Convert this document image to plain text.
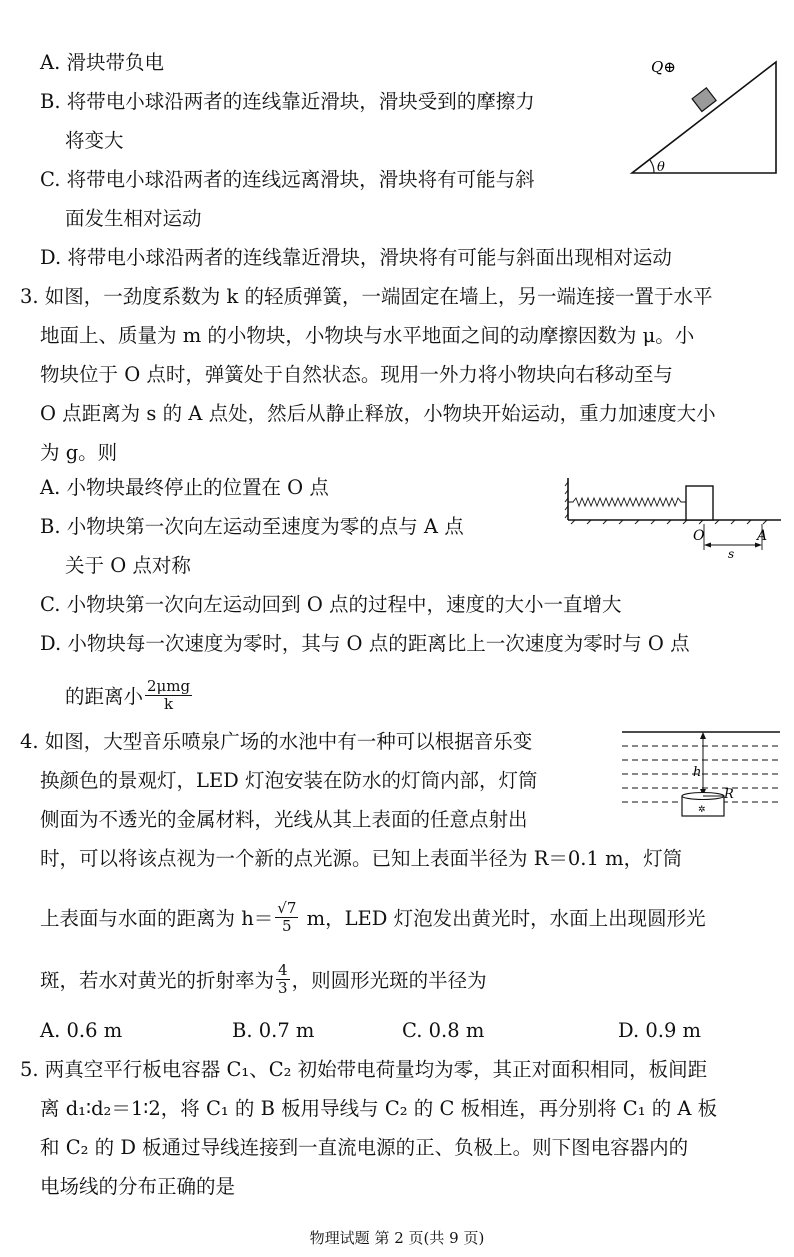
A. 滑块带负电
B. 将带电小球沿两者的连线靠近滑块，滑块受到的摩擦力
将变大
C. 将带电小球沿两者的连线远离滑块，滑块将有可能与斜
面发生相对运动
D. 将带电小球沿两者的连线靠近滑块，滑块将有可能与斜面出现相对运动
θ
Q⊕
3. 如图，一劲度系数为 k 的轻质弹簧，一端固定在墙上，另一端连接一置于水平
地面上、质量为 m 的小物块，小物块与水平地面之间的动摩擦因数为 μ。小
物块位于 O 点时，弹簧处于自然状态。现用一外力将小物块向右移动至与
O 点距离为 s 的 A 点处，然后从静止释放，小物块开始运动，重力加速度大小
为 g。则
A. 小物块最终停止的位置在 O 点
B. 小物块第一次向左运动至速度为零的点与 A 点
关于 O 点对称
C. 小物块第一次向左运动回到 O 点的过程中，速度的大小一直增大
D. 小物块每一次速度为零时，其与 O 点的距离比上一次速度为零时与 O 点
的距离小 $\frac{\text{2μmg}}{k}$
O	A
s
4. 如图，大型音乐喷泉广场的水池中有一种可以根据音乐变
换颜色的景观灯，LED 灯泡安装在防水的灯筒内部，灯筒
侧面为不透光的金属材料，光线从其上表面的任意点射出
时，可以将该点视为一个新的点光源。已知上表面半径为 R＝0.1 m，灯筒
上表面与水面的距离为 $h= \frac{√7}{5}$ m，LED 灯泡发出黄光时，水面上出现圆形光
斑，若水对黄光的折射率为 $\frac{4}{3}$ ，则圆形光斑的半径为
A. 0.6 m	B. 0.7 m	C. 0.8 m	D. 0.9 m
h
R
✲
5. 两真空平行板电容器 C₁、C₂ 初始带电荷量均为零，其正对面积相同，板间距
离 d₁∶d₂＝1∶2，将 C₁ 的 B 板用导线与 C₂ 的 C 板相连，再分别将 C₁ 的 A 板
和 C₂ 的 D 板通过导线连接到一直流电源的正、负极上。则下图电容器内的
电场线的分布正确的是
物理试题 第 2 页(共 9 页)
